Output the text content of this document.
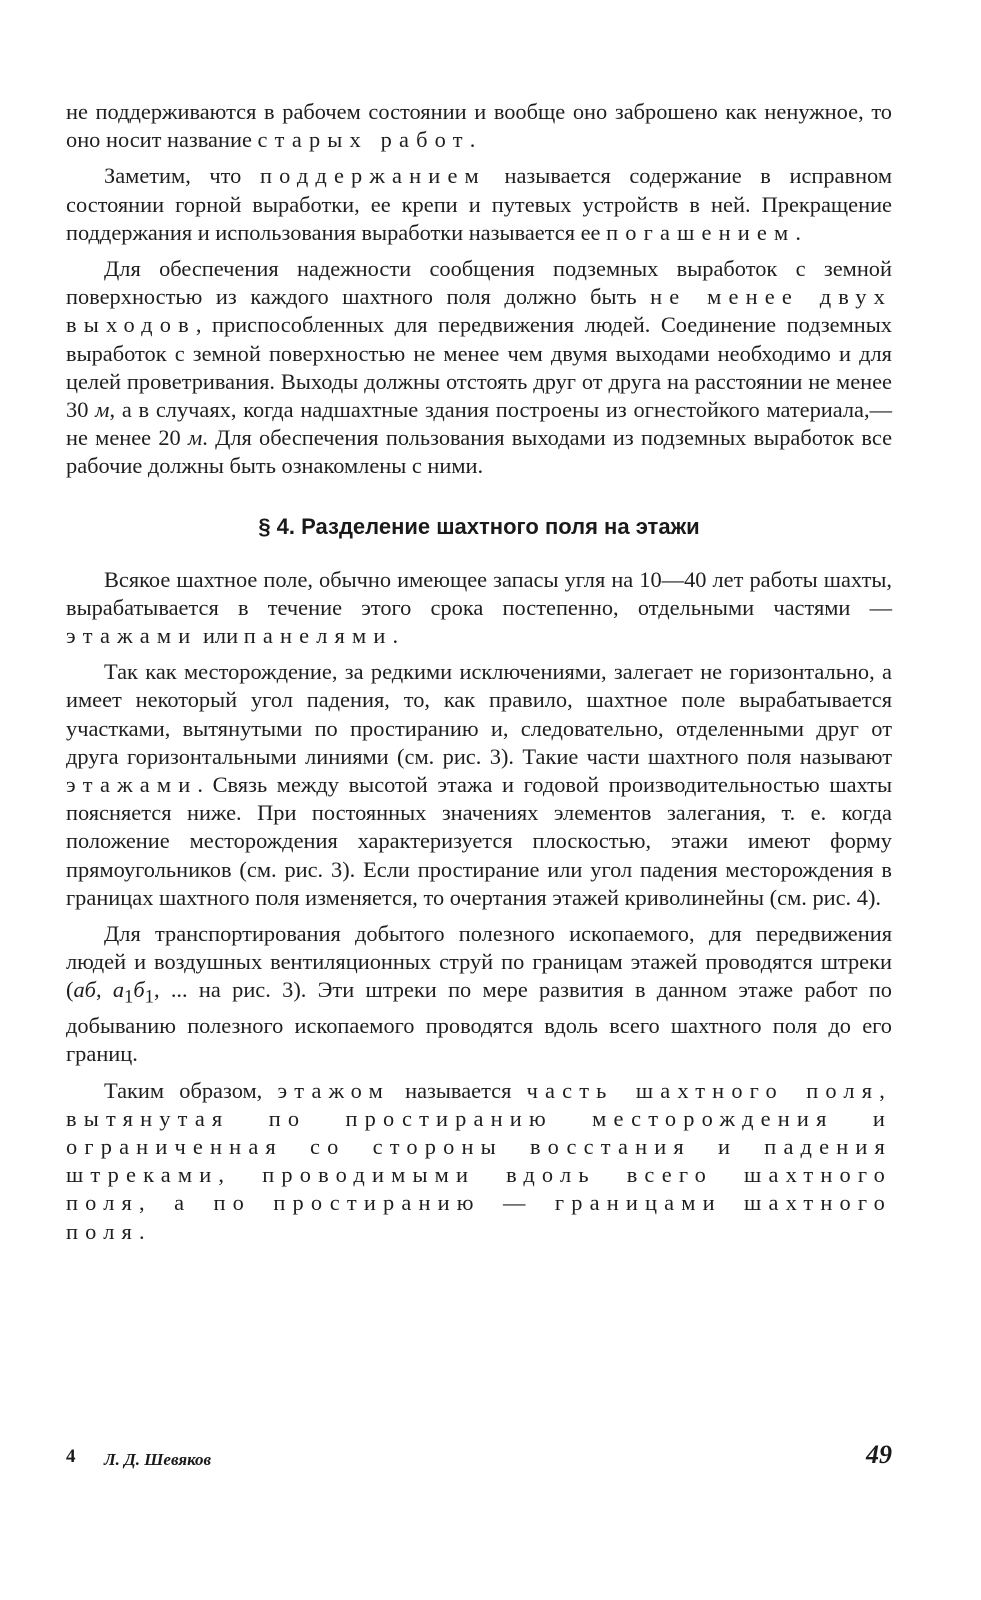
не поддерживаются в рабочем состоянии и вообще оно заброшено как ненужное, то оно носит название старых работ.

Заметим, что поддержанием называется содержание в исправном состоянии горной выработки, ее крепи и путевых устройств в ней. Прекращение поддержания и использования выработки называется ее погашением.

Для обеспечения надежности сообщения подземных выработок с земной поверхностью из каждого шахтного поля должно быть не менее двух выходов, приспособленных для передвижения людей. Соединение подземных выработок с земной поверхностью не менее чем двумя выходами необходимо и для целей проветривания. Выходы должны отстоять друг от друга на расстоянии не менее 30 м, а в случаях, когда надшахтные здания построены из огнестойкого материала,— не менее 20 м. Для обеспечения пользования выходами из подземных выработок все рабочие должны быть ознакомлены с ними.

§ 4. Разделение шахтного поля на этажи

Всякое шахтное поле, обычно имеющее запасы угля на 10—40 лет работы шахты, вырабатывается в течение этого срока постепенно, отдельными частями — этажами или панелями.

Так как месторождение, за редкими исключениями, залегает не горизонтально, а имеет некоторый угол падения, то, как правило, шахтное поле вырабатывается участками, вытянутыми по простиранию и, следовательно, отделенными друг от друга горизонтальными линиями (см. рис. 3). Такие части шахтного поля называют этажами. Связь между высотой этажа и годовой производительностью шахты поясняется ниже. При постоянных значениях элементов залегания, т. е. когда положение месторождения характеризуется плоскостью, этажи имеют форму прямоугольников (см. рис. 3). Если простирание или угол падения месторождения в границах шахтного поля изменяется, то очертания этажей криволинейны (см. рис. 4).

Для транспортирования добытого полезного ископаемого, для передвижения людей и воздушных вентиляционных струй по границам этажей проводятся штреки (аб, $а_1б_1$, ... на рис. 3). Эти штреки по мере развития в данном этаже работ по добыванию полезного ископаемого проводятся вдоль всего шахтного поля до его границ.

Таким образом, этажом называется часть шахтного поля, вытянутая по простиранию месторождения и ограниченная со стороны восстания и падения штреками, проводимыми вдоль всего шахтного поля, а по простиранию — границами шахтного поля.

4 Л. Д. Шевяков	49
